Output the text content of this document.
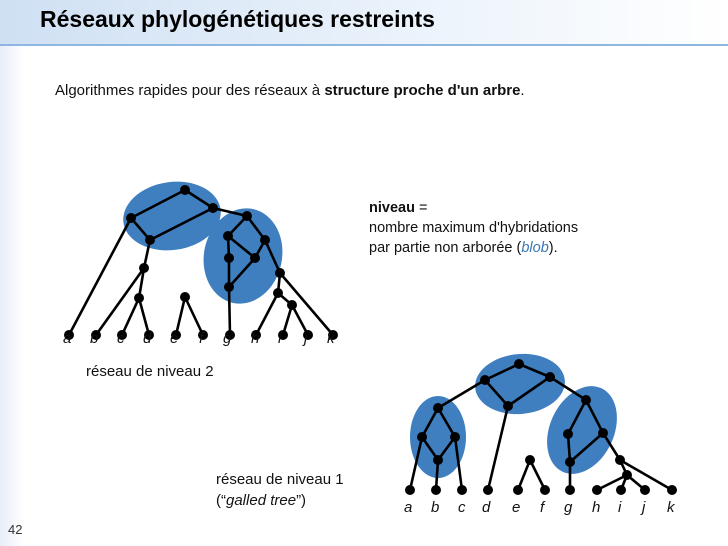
Réseaux phylogénétiques restreints
Algorithmes rapides pour des réseaux à structure proche d'un arbre.
niveau =
nombre maximum d'hybridations
par partie non arborée (blob).
a b c d e f g h i j k
a b c d e f g h i j k
réseau de niveau 2
réseau de niveau 1
(“galled tree”)
42
